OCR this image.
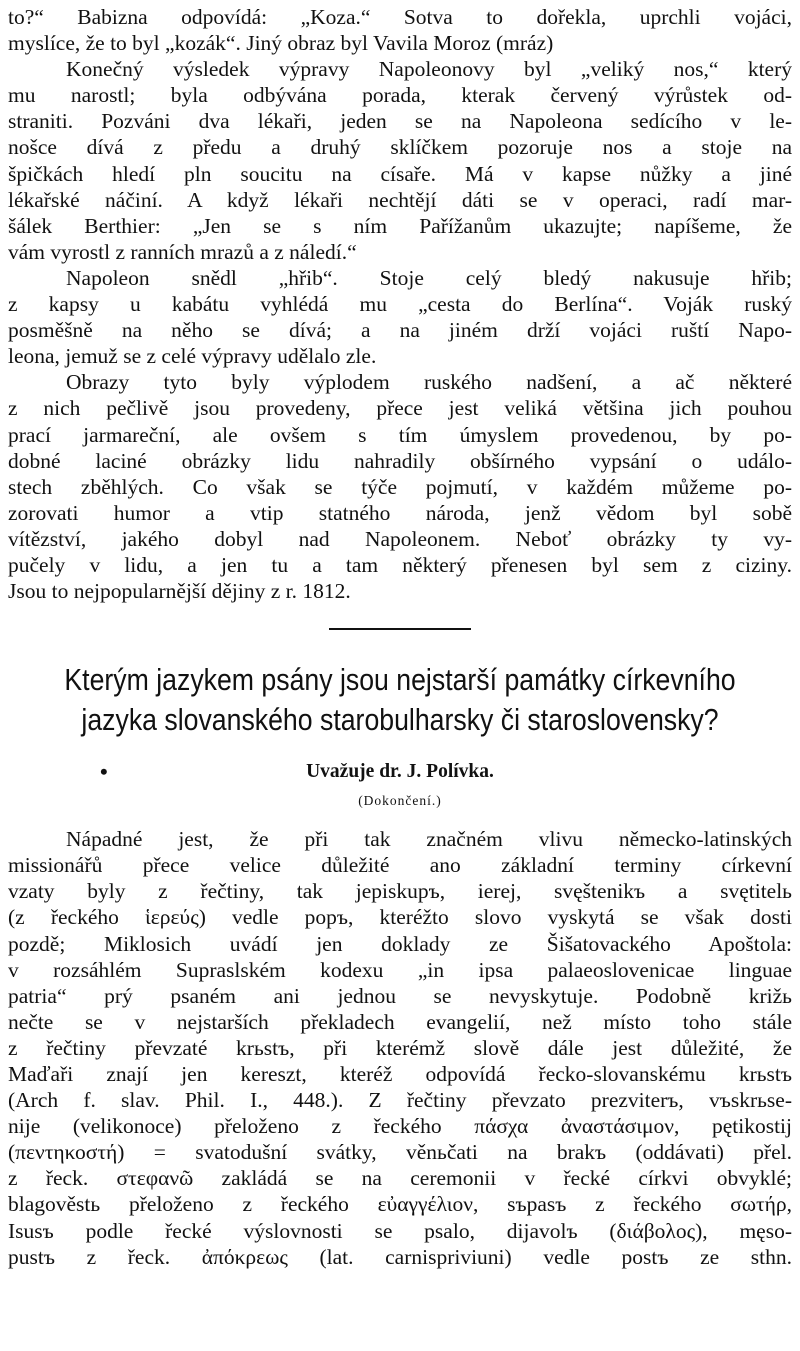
to?“ Babizna odpovídá: „Koza.“ Sotva to dořekla, uprchli vojáci,
myslíce, že to byl „kozák“. Jiný obraz byl Vavila Moroz (mráz)

Konečný výsledek výpravy Napoleonovy byl „veliký nos,“ který
mu narostl; byla odbývána porada, kterak červený výrůstek od-
straniti. Pozváni dva lékaři, jeden se na Napoleona sedícího v le-
nošce dívá z předu a druhý sklíčkem pozoruje nos a stoje na
špičkách hledí pln soucitu na císaře. Má v kapse nůžky a jiné
lékařské náčiní. A když lékaři nechtějí dáti se v operaci, radí mar-
šálek Berthier: „Jen se s ním Pařížanům ukazujte; napíšeme, že
vám vyrostl z ranních mrazů a z náledí.“

Napoleon snědl „hřib“. Stoje celý bledý nakusuje hřib;
z kapsy u kabátu vyhlédá mu „cesta do Berlína“. Voják ruský
posměšně na něho se dívá; a na jiném drží vojáci ruští Napo-
leona, jemuž se z celé výpravy udělalo zle.

Obrazy tyto byly výplodem ruského nadšení, a ač některé
z nich pečlivě jsou provedeny, přece jest veliká většina jich pouhou
prací jarmareční, ale ovšem s tím úmyslem provedenou, by po-
dobné laciné obrázky lidu nahradily obšírného vypsání o událo-
stech zběhlých. Co však se týče pojmutí, v každém můžeme po-
zorovati humor a vtip statného národa, jenž vědom byl sobě
vítězství, jakého dobyl nad Napoleonem. Neboť obrázky ty vy-
pučely v lidu, a jen tu a tam některý přenesen byl sem z ciziny.
Jsou to nejpopularnější dějiny z r. 1812.

Kterým jazykem psány jsou nejstarší památky církevního
jazyka slovanského starobulharsky či staroslovensky?
•	Uvažuje dr. J. Polívka.
(Dokončení.)

Nápadné jest, že při tak značném vlivu německo-latinských
missionářů přece velice důležité ano základní terminy církevní
vzaty byly z řečtiny, tak jepiskupъ, ierej, svęštenikъ a svętitelь
(z řeckého ἱερεύς) vedle popъ, kteréžto slovo vyskytá se však dosti
pozdě; Miklosich uvádí jen doklady ze Šišatovackého Apoštola:
v rozsáhlém Supraslském kodexu „in ipsa palaeoslovenicae linguae
patria“ prý psaném ani jednou se nevyskytuje. Podobně križь
nečte se v nejstarších překladech evangelií, než místo toho stále
z řečtiny převzaté krьstъ, při kterémž slově dále jest důležité, že
Maďaři znají jen kereszt, kteréž odpovídá řecko-slovanskému krьstъ
(Arch f. slav. Phil. I., 448.). Z řečtiny převzato prezviterъ, vъskrьse-
nije (velikonoce) přeloženo z řeckého πάσχα ἀναστάσιμον, pętikostij
(πεντηκοστή) = svatodušní svátky, věnьčati na brakъ (oddávati) přel.
z řeck. στεφανῶ zakládá se na ceremonii v řecké církvi obvyklé;
blagověstь přeloženo z řeckého εὐαγγέλιον, sъpasъ z řeckého σωτήρ,
Isusъ podle řecké výslovnosti se psalo, dijavolъ (διάβολος), męso-
pustъ z řeck. ἀπόκρεως (lat. carnispriviuni) vedle postъ ze sthn.
